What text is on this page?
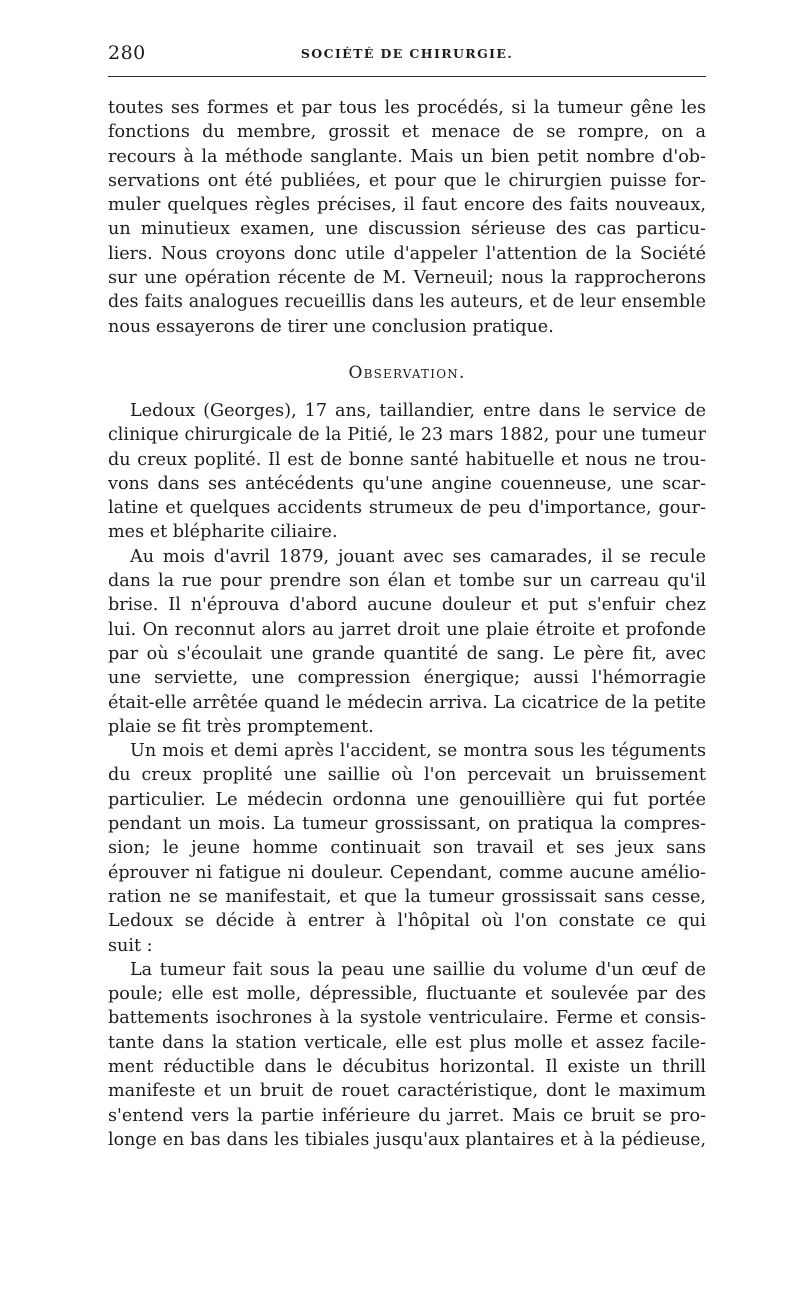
280	SOCIÉTÉ DE CHIRURGIE.
toutes ses formes et par tous les procédés, si la tumeur gêne les
fonctions du membre, grossit et menace de se rompre, on a
recours à la méthode sanglante. Mais un bien petit nombre d'ob-
servations ont été publiées, et pour que le chirurgien puisse for-
muler quelques règles précises, il faut encore des faits nouveaux,
un minutieux examen, une discussion sérieuse des cas particu-
liers. Nous croyons donc utile d'appeler l'attention de la Société
sur une opération récente de M. Verneuil; nous la rapprocherons
des faits analogues recueillis dans les auteurs, et de leur ensemble
nous essayerons de tirer une conclusion pratique.
Observation.
Ledoux (Georges), 17 ans, taillandier, entre dans le service de
clinique chirurgicale de la Pitié, le 23 mars 1882, pour une tumeur
du creux poplité. Il est de bonne santé habituelle et nous ne trou-
vons dans ses antécédents qu'une angine couenneuse, une scar-
latine et quelques accidents strumeux de peu d'importance, gour-
mes et blépharite ciliaire.
Au mois d'avril 1879, jouant avec ses camarades, il se recule
dans la rue pour prendre son élan et tombe sur un carreau qu'il
brise. Il n'éprouva d'abord aucune douleur et put s'enfuir chez
lui. On reconnut alors au jarret droit une plaie étroite et profonde
par où s'écoulait une grande quantité de sang. Le père fit, avec
une serviette, une compression énergique; aussi l'hémorragie
était-elle arrêtée quand le médecin arriva. La cicatrice de la petite
plaie se fit très promptement.
Un mois et demi après l'accident, se montra sous les téguments
du creux proplité une saillie où l'on percevait un bruissement
particulier. Le médecin ordonna une genouillière qui fut portée
pendant un mois. La tumeur grossissant, on pratiqua la compres-
sion; le jeune homme continuait son travail et ses jeux sans
éprouver ni fatigue ni douleur. Cependant, comme aucune amélio-
ration ne se manifestait, et que la tumeur grossissait sans cesse,
Ledoux se décide à entrer à l'hôpital où l'on constate ce qui
suit :
La tumeur fait sous la peau une saillie du volume d'un œuf de
poule; elle est molle, dépressible, fluctuante et soulevée par des
battements isochrones à la systole ventriculaire. Ferme et consis-
tante dans la station verticale, elle est plus molle et assez facile-
ment réductible dans le décubitus horizontal. Il existe un thrill
manifeste et un bruit de rouet caractéristique, dont le maximum
s'entend vers la partie inférieure du jarret. Mais ce bruit se pro-
longe en bas dans les tibiales jusqu'aux plantaires et à la pédieuse,
